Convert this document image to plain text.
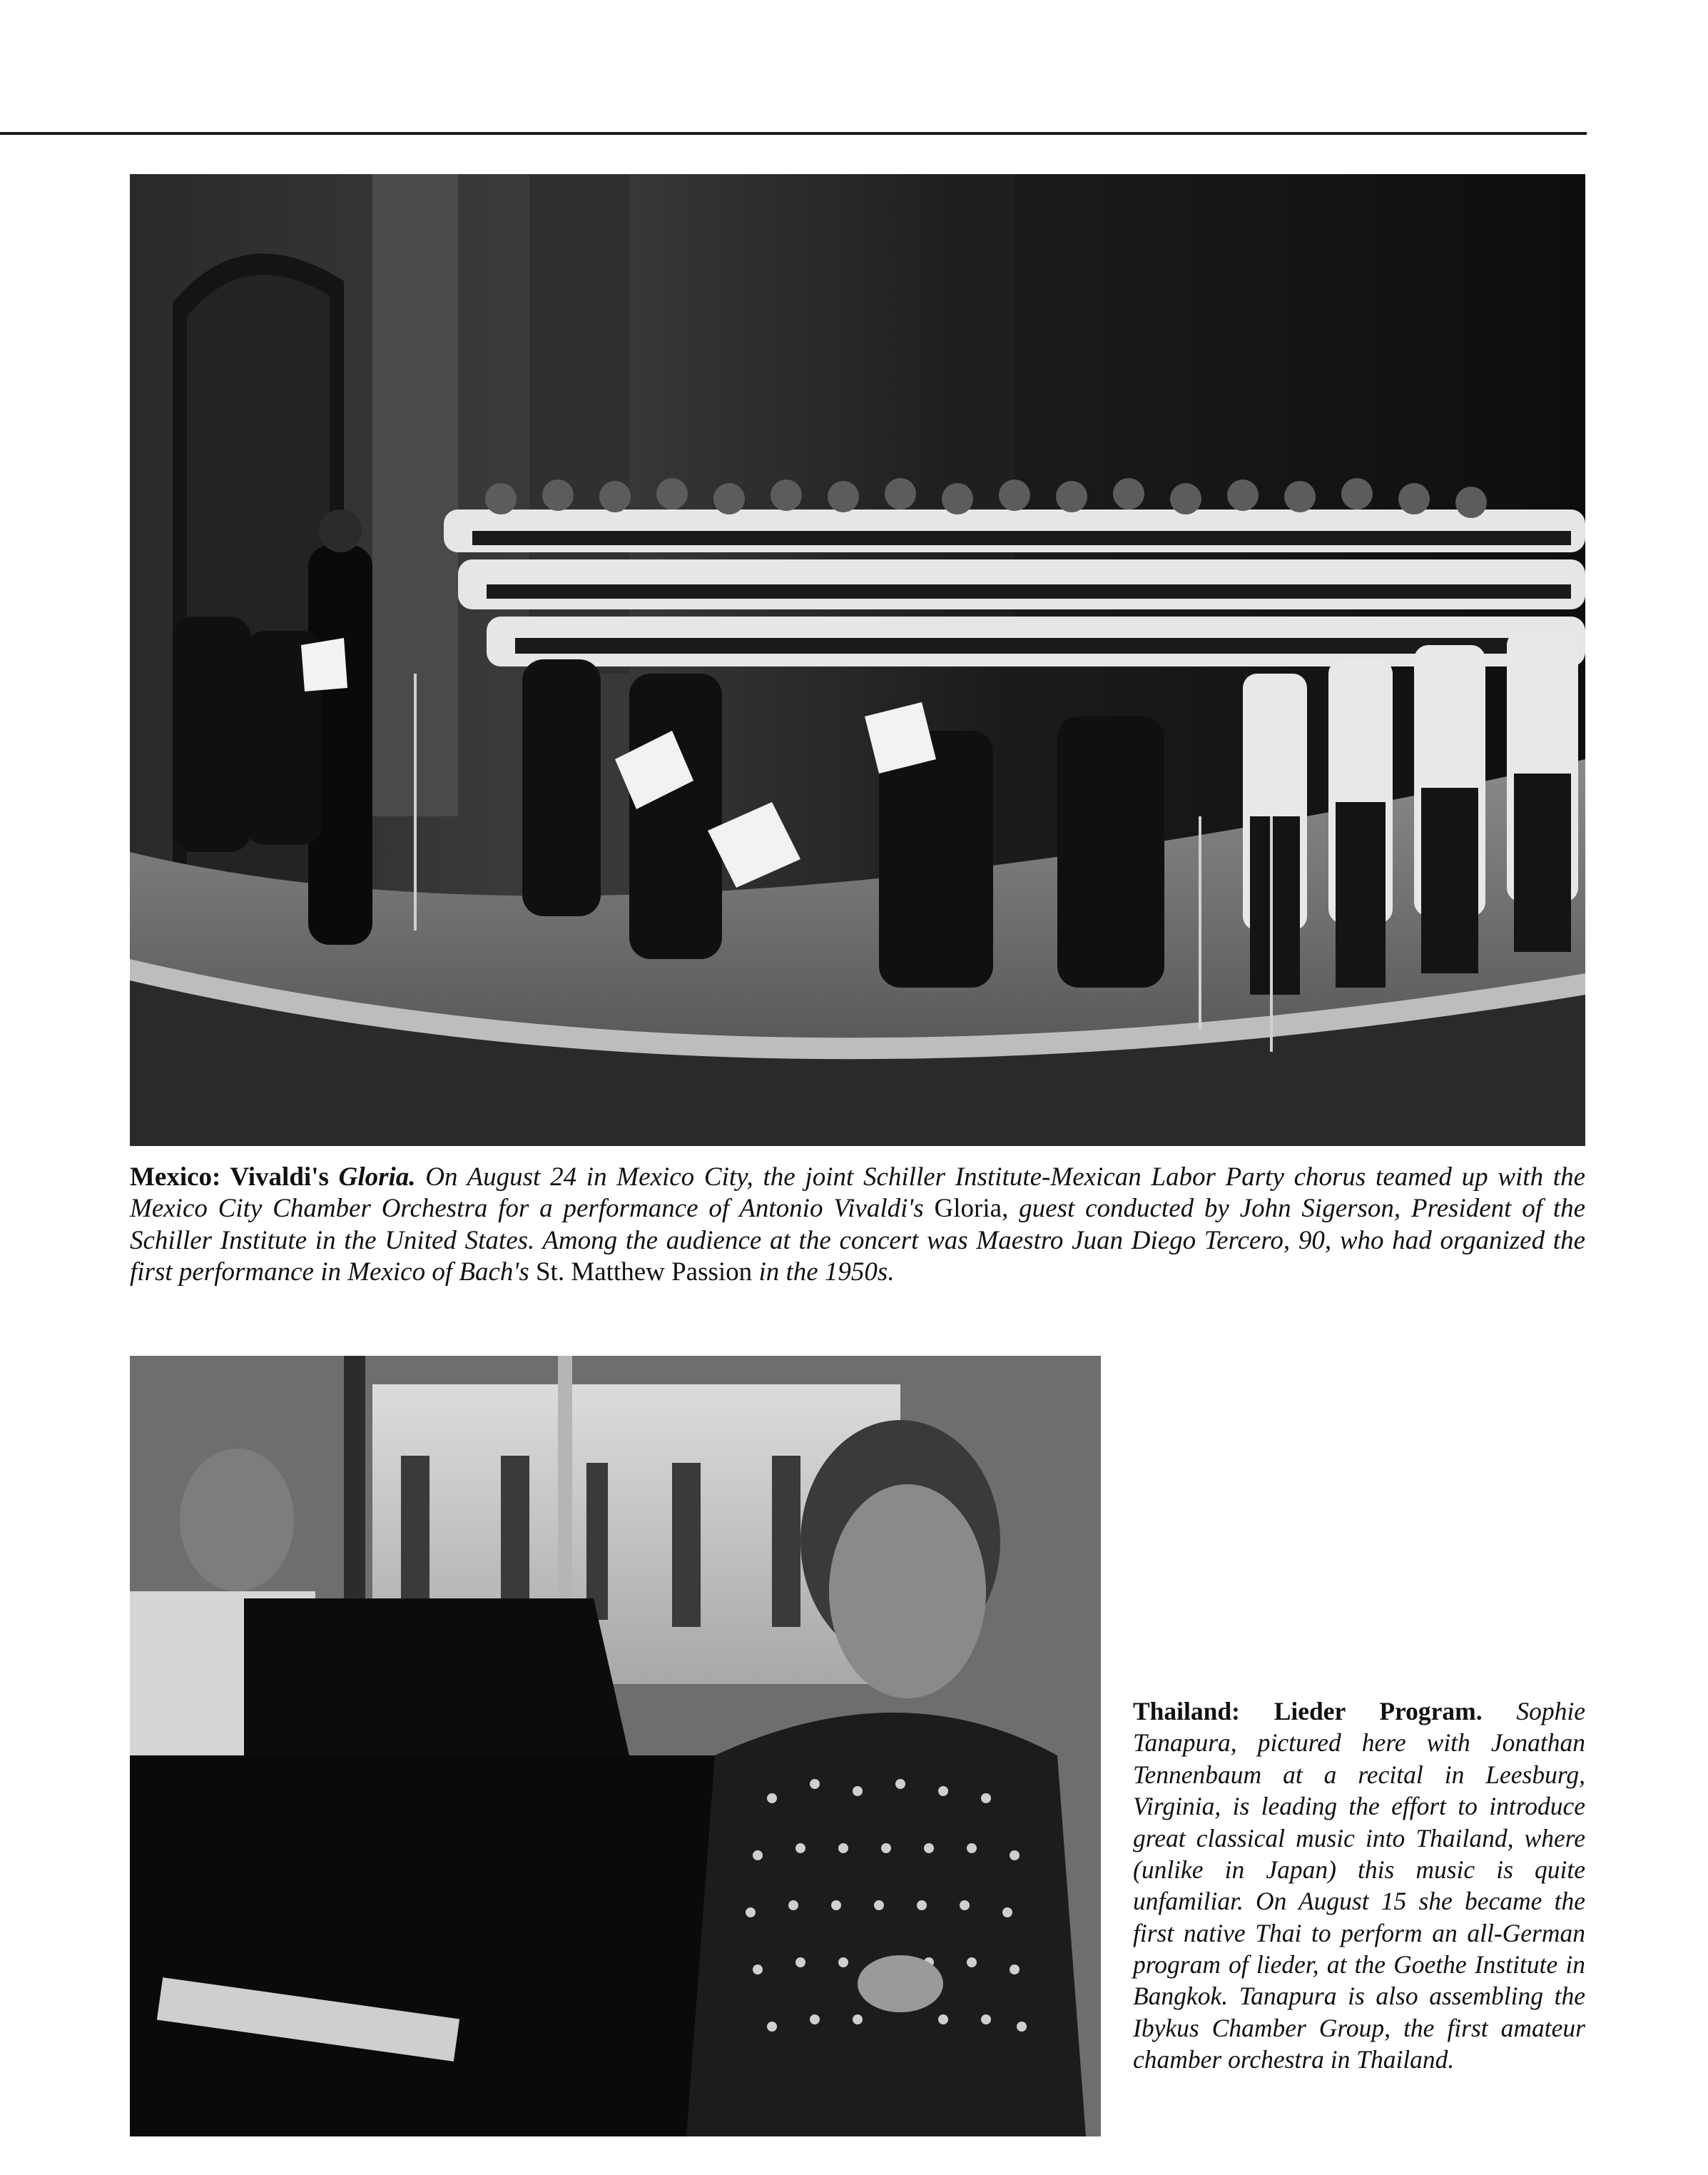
Mexico: Vivaldi's Gloria. On August 24 in Mexico City, the joint Schiller Institute-Mexican Labor Party chorus teamed up with the Mexico City Chamber Orchestra for a performance of Antonio Vivaldi's Gloria, guest conducted by John Sigerson, President of the Schiller Institute in the United States. Among the audience at the concert was Maestro Juan Diego Tercero, 90, who had organized the first performance in Mexico of Bach's St. Matthew Passion in the 1950s.
Thailand: Lieder Program. Sophie Tanapura, pictured here with Jonathan Tennenbaum at a recital in Leesburg, Virginia, is leading the effort to introduce great classical music into Thailand, where (unlike in Japan) this music is quite unfamiliar. On August 15 she became the first native Thai to perform an all-German program of lieder, at the Goethe Institute in Bangkok. Tanapura is also assembling the Ibykus Chamber Group, the first amateur chamber orchestra in Thailand.
